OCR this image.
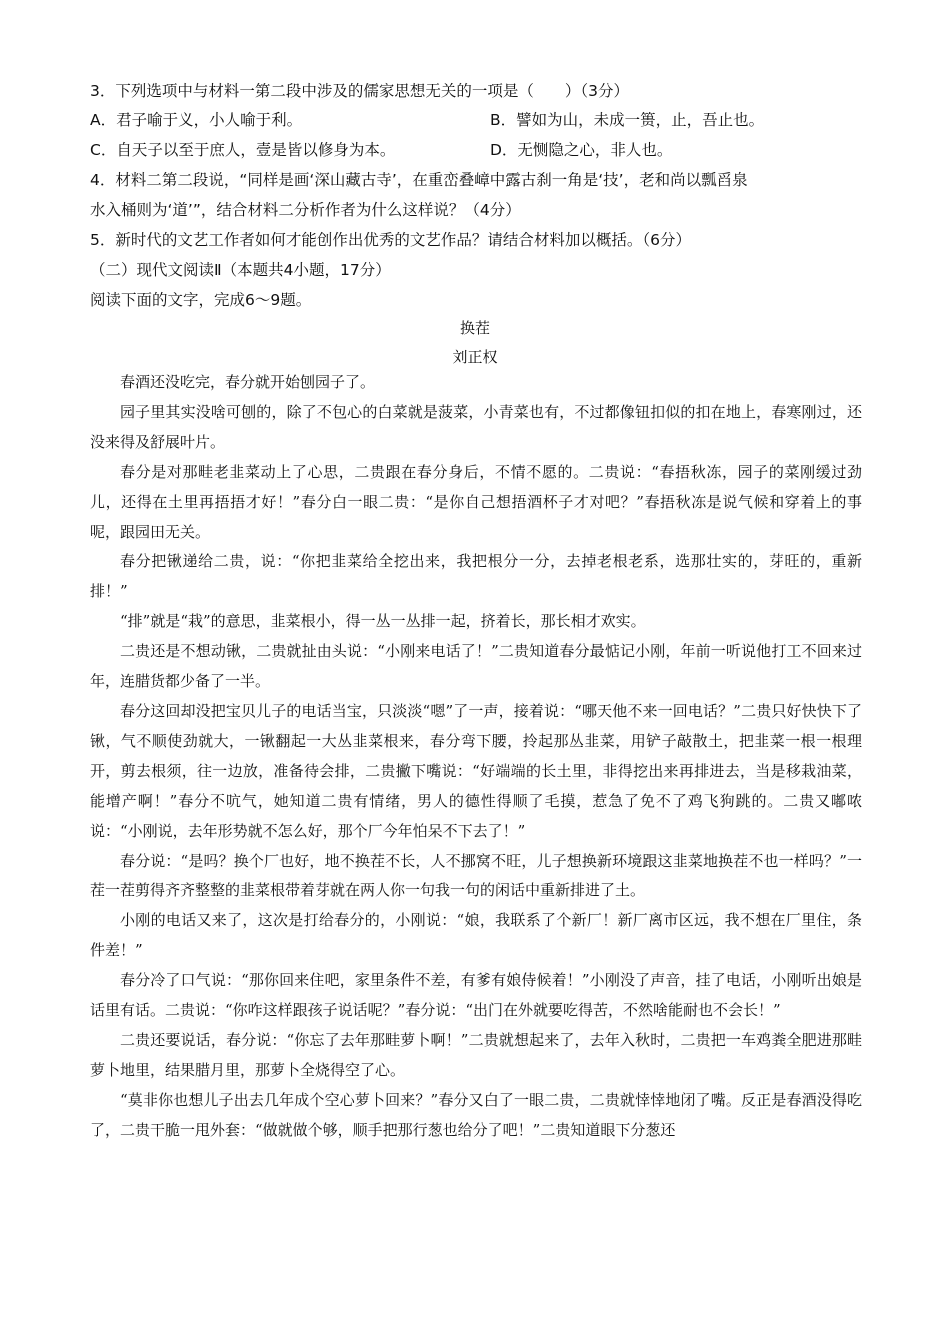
3．下列选项中与材料一第二段中涉及的儒家思想无关的一项是（　　）（3分）
A．君子喻于义，小人喻于利。	B．譬如为山，未成一篑，止，吾止也。
C．自天子以至于庶人，壹是皆以修身为本。	D．无恻隐之心，非人也。
4．材料二第二段说，“同样是画‘深山藏古寺’，在重峦叠嶂中露古刹一角是‘技’，老和尚以瓢舀泉
水入桶则为‘道’”，结合材料二分析作者为什么这样说？（4分）
5．新时代的文艺工作者如何才能创作出优秀的文艺作品？请结合材料加以概括。（6分）
（二）现代文阅读Ⅱ（本题共4小题，17分）
阅读下面的文字，完成6～9题。
换茬
刘正权

春酒还没吃完，春分就开始刨园子了。

园子里其实没啥可刨的，除了不包心的白菜就是菠菜，小青菜也有，不过都像钮扣似的扣在地上，春寒刚过，还没来得及舒展叶片。

春分是对那畦老韭菜动上了心思，二贵跟在春分身后，不情不愿的。二贵说：“春捂秋冻，园子的菜刚缓过劲儿，还得在土里再捂捂才好！”春分白一眼二贵：“是你自己想捂酒杯子才对吧？”春捂秋冻是说气候和穿着上的事呢，跟园田无关。

春分把锹递给二贵，说：“你把韭菜给全挖出来，我把根分一分，去掉老根老系，选那壮实的，芽旺的，重新排！”

“排”就是“栽”的意思，韭菜根小，得一丛一丛排一起，挤着长，那长相才欢实。

二贵还是不想动锹，二贵就扯由头说：“小刚来电话了！”二贵知道春分最惦记小刚，年前一听说他打工不回来过年，连腊货都少备了一半。

春分这回却没把宝贝儿子的电话当宝，只淡淡“嗯”了一声，接着说：“哪天他不来一回电话？”二贵只好快快下了锹，气不顺使劲就大，一锹翻起一大丛韭菜根来，春分弯下腰，拎起那丛韭菜，用铲子敲散土，把韭菜一根一根理开，剪去根须，往一边放，准备待会排，二贵撇下嘴说：“好端端的长土里，非得挖出来再排进去，当是移栽油菜，能增产啊！”春分不吭气，她知道二贵有情绪，男人的德性得顺了毛摸，惹急了免不了鸡飞狗跳的。二贵又嘟哝说：“小刚说，去年形势就不怎么好，那个厂今年怕呆不下去了！”

春分说：“是吗？换个厂也好，地不换茬不长，人不挪窝不旺，儿子想换新环境跟这韭菜地换茬不也一样吗？”一茬一茬剪得齐齐整整的韭菜根带着芽就在两人你一句我一句的闲话中重新排进了土。

小刚的电话又来了，这次是打给春分的，小刚说：“娘，我联系了个新厂！新厂离市区远，我不想在厂里住，条件差！”

春分冷了口气说：“那你回来住吧，家里条件不差，有爹有娘侍候着！”小刚没了声音，挂了电话，小刚听出娘是话里有话。二贵说：“你咋这样跟孩子说话呢？”春分说：“出门在外就要吃得苦，不然啥能耐也不会长！”

二贵还要说话，春分说：“你忘了去年那畦萝卜啊！”二贵就想起来了，去年入秋时，二贵把一车鸡粪全肥进那畦萝卜地里，结果腊月里，那萝卜全烧得空了心。

“莫非你也想儿子出去几年成个空心萝卜回来？”春分又白了一眼二贵，二贵就悻悻地闭了嘴。反正是春酒没得吃了，二贵干脆一甩外套：“做就做个够，顺手把那行葱也给分了吧！”二贵知道眼下分葱还
